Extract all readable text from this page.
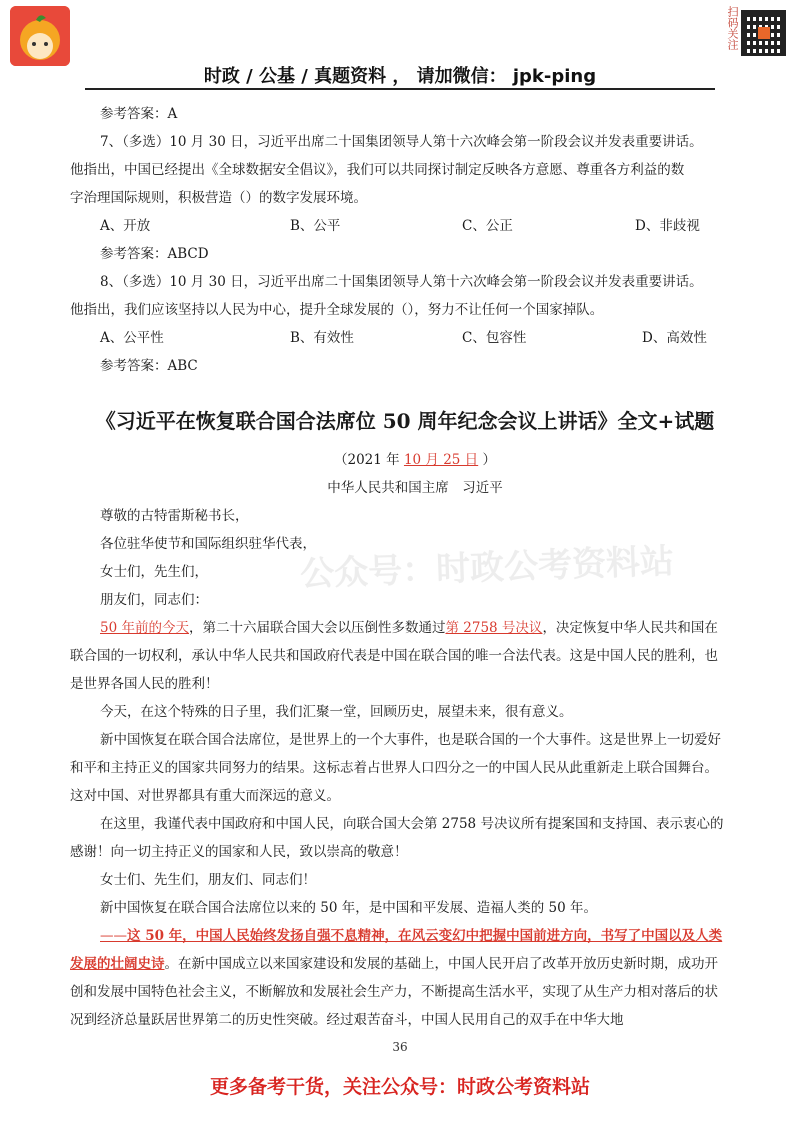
扫码关注
时政 / 公基 / 真题资料 ， 请加微信： jpk-ping
公众号：时政公考资料站

参考答案：A

7、（多选）10 月 30 日，习近平出席二十国集团领导人第十六次峰会第一阶段会议并发表重要讲话。

他指出，中国已经提出《全球数据安全倡议》，我们可以共同探讨制定反映各方意愿、尊重各方利益的数

字治理国际规则，积极营造（）的数字发展环境。

A、开放	B、公平	C、公正	D、非歧视

参考答案：ABCD

8、（多选）10 月 30 日，习近平出席二十国集团领导人第十六次峰会第一阶段会议并发表重要讲话。

他指出，我们应该坚持以人民为中心，提升全球发展的（），努力不让任何一个国家掉队。

A、公平性	B、有效性	C、包容性	D、高效性

参考答案：ABC

《习近平在恢复联合国合法席位 50 周年纪念会议上讲话》全文+试题

（2021 年 10 月 25 日 ）

中华人民共和国主席　习近平

尊敬的古特雷斯秘书长，

各位驻华使节和国际组织驻华代表，

女士们，先生们，

朋友们，同志们：

50 年前的今天，第二十六届联合国大会以压倒性多数通过第 2758 号决议，决定恢复中华人民共和国在联合国的一切权利，承认中华人民共和国政府代表是中国在联合国的唯一合法代表。这是中国人民的胜利，也是世界各国人民的胜利！

今天，在这个特殊的日子里，我们汇聚一堂，回顾历史，展望未来，很有意义。

新中国恢复在联合国合法席位，是世界上的一个大事件，也是联合国的一个大事件。这是世界上一切爱好和平和主持正义的国家共同努力的结果。这标志着占世界人口四分之一的中国人民从此重新走上联合国舞台。这对中国、对世界都具有重大而深远的意义。

在这里，我谨代表中国政府和中国人民，向联合国大会第 2758 号决议所有提案国和支持国、表示衷心的感谢！向一切主持正义的国家和人民，致以崇高的敬意！

女士们、先生们，朋友们、同志们！

新中国恢复在联合国合法席位以来的 50 年，是中国和平发展、造福人类的 50 年。

——这 50 年，中国人民始终发扬自强不息精神，在风云变幻中把握中国前进方向，书写了中国以及人类发展的壮阔史诗。在新中国成立以来国家建设和发展的基础上，中国人民开启了改革开放历史新时期，成功开创和发展中国特色社会主义，不断解放和发展社会生产力，不断提高生活水平，实现了从生产力相对落后的状况到经济总量跃居世界第二的历史性突破。经过艰苦奋斗，中国人民用自己的双手在中华大地

36
更多备考干货，关注公众号：时政公考资料站
